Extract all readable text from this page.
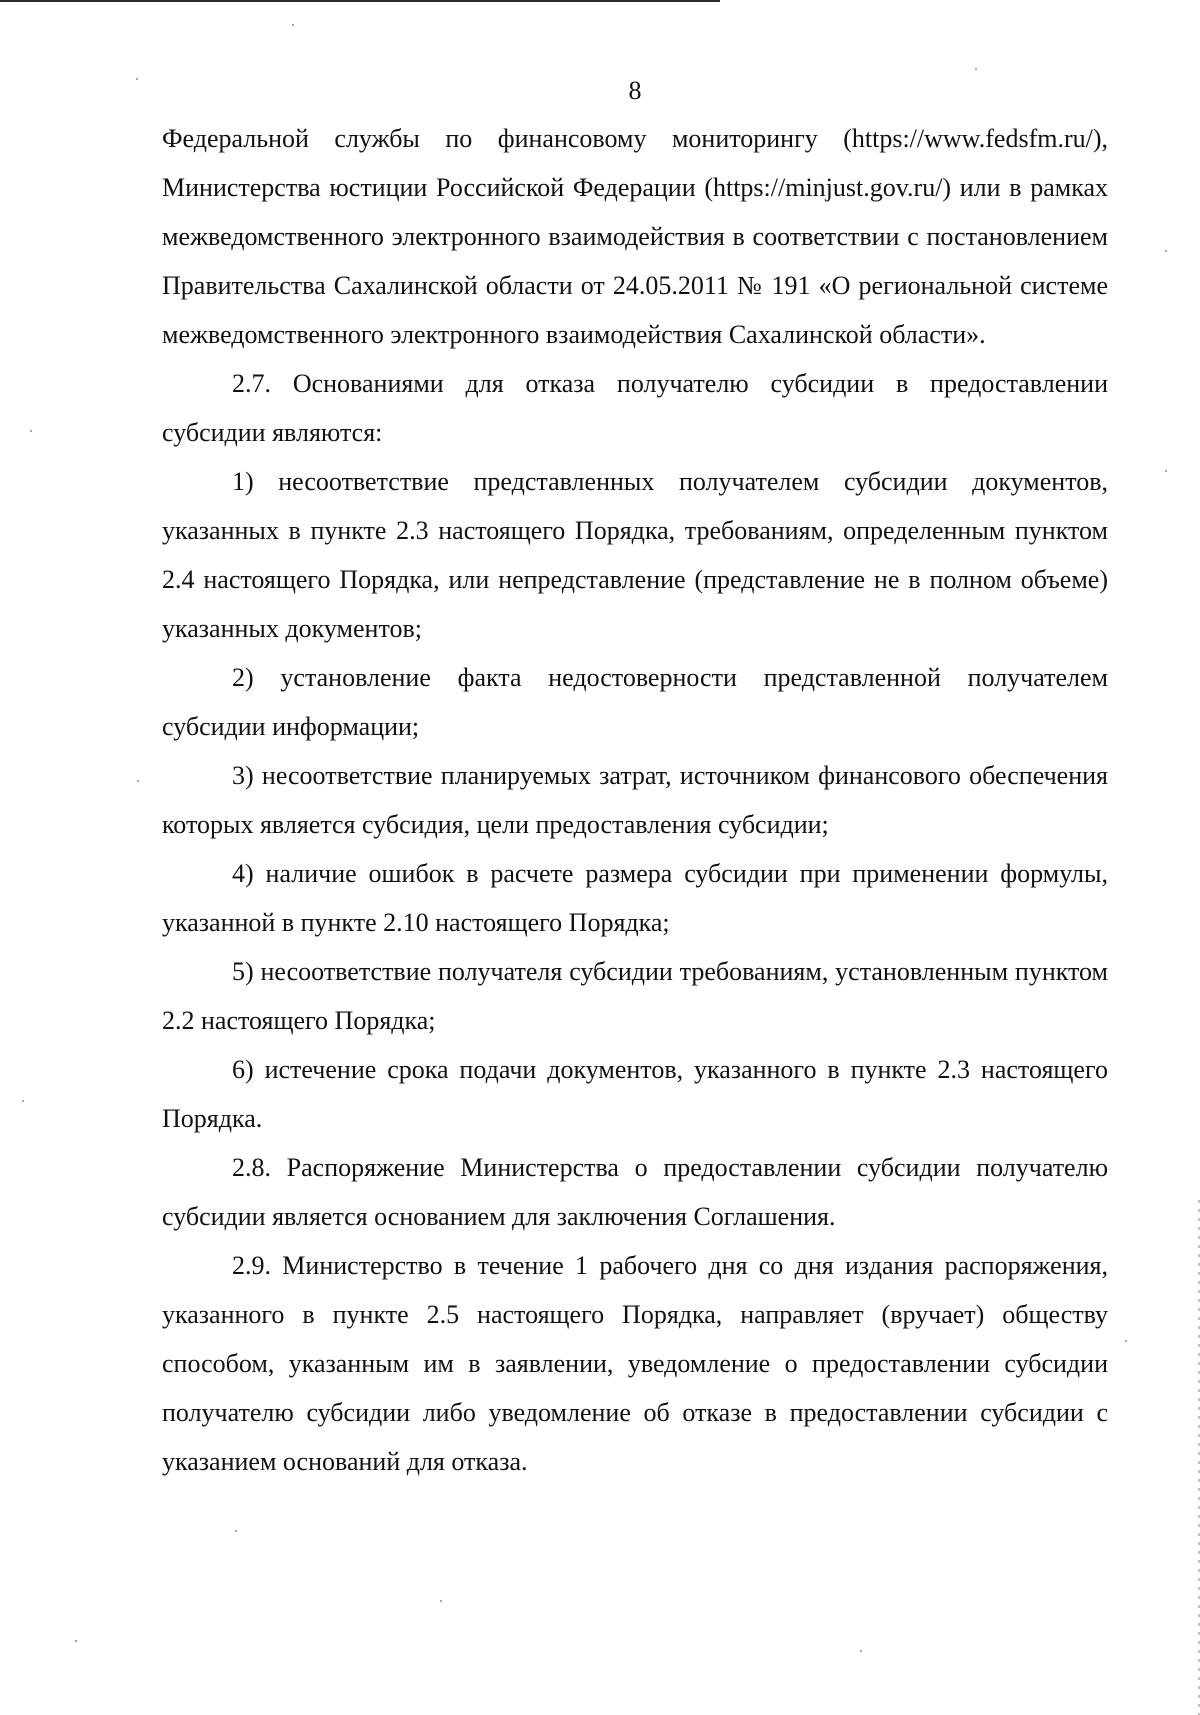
8

Федеральной службы по финансовому мониторингу (https://www.fedsfm.ru/), Министерства юстиции Российской Федерации (https://minjust.gov.ru/) или в рамках межведомственного электронного взаимодействия в соответствии с постановлением Правительства Сахалинской области от 24.05.2011 № 191 «О региональной системе межведомственного электронного взаимодействия Сахалинской области».

2.7. Основаниями для отказа получателю субсидии в предоставлении субсидии являются:

1) несоответствие представленных получателем субсидии документов, указанных в пункте 2.3 настоящего Порядка, требованиям, определенным пунктом 2.4 настоящего Порядка, или непредставление (представление не в полном объеме) указанных документов;

2) установление факта недостоверности представленной получателем субсидии информации;

3) несоответствие планируемых затрат, источником финансового обеспечения которых является субсидия, цели предоставления субсидии;

4) наличие ошибок в расчете размера субсидии при применении формулы, указанной в пункте 2.10 настоящего Порядка;

5) несоответствие получателя субсидии требованиям, установленным пунктом 2.2 настоящего Порядка;

6) истечение срока подачи документов, указанного в пункте 2.3 настоящего Порядка.

2.8. Распоряжение Министерства о предоставлении субсидии получателю субсидии является основанием для заключения Соглашения.

2.9. Министерство в течение 1 рабочего дня со дня издания распоряжения, указанного в пункте 2.5 настоящего Порядка, направляет (вручает) обществу способом, указанным им в заявлении, уведомление о предоставлении субсидии получателю субсидии либо уведомление об отказе в предоставлении субсидии с указанием оснований для отказа.
